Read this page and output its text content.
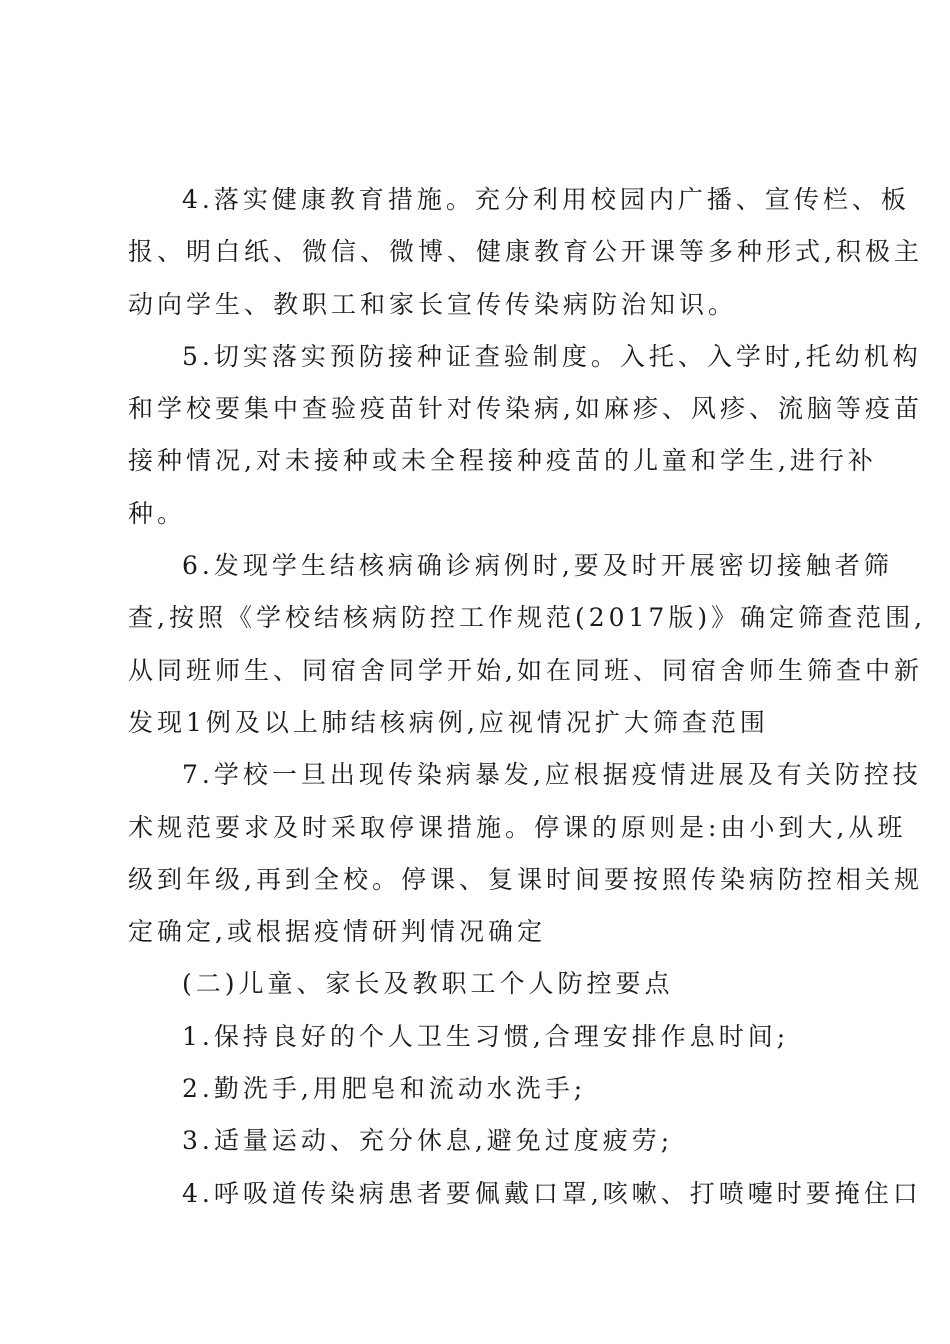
4.落实健康教育措施。充分利用校园内广播、宣传栏、板
报、明白纸、微信、微博、健康教育公开课等多种形式,积极主
动向学生、教职工和家长宣传传染病防治知识。
5.切实落实预防接种证查验制度。入托、入学时,托幼机构
和学校要集中查验疫苗针对传染病,如麻疹、风疹、流脑等疫苗
接种情况,对未接种或未全程接种疫苗的儿童和学生,进行补
种。
6.发现学生结核病确诊病例时,要及时开展密切接触者筛
查,按照《学校结核病防控工作规范(2017版)》确定筛查范围,
从同班师生、同宿舍同学开始,如在同班、同宿舍师生筛查中新
发现1例及以上肺结核病例,应视情况扩大筛查范围
7.学校一旦出现传染病暴发,应根据疫情进展及有关防控技
术规范要求及时采取停课措施。停课的原则是:由小到大,从班
级到年级,再到全校。停课、复课时间要按照传染病防控相关规
定确定,或根据疫情研判情况确定
(二)儿童、家长及教职工个人防控要点
1.保持良好的个人卫生习惯,合理安排作息时间;
2.勤洗手,用肥皂和流动水洗手;
3.适量运动、充分休息,避免过度疲劳;
4.呼吸道传染病患者要佩戴口罩,咳嗽、打喷嚏时要掩住口
